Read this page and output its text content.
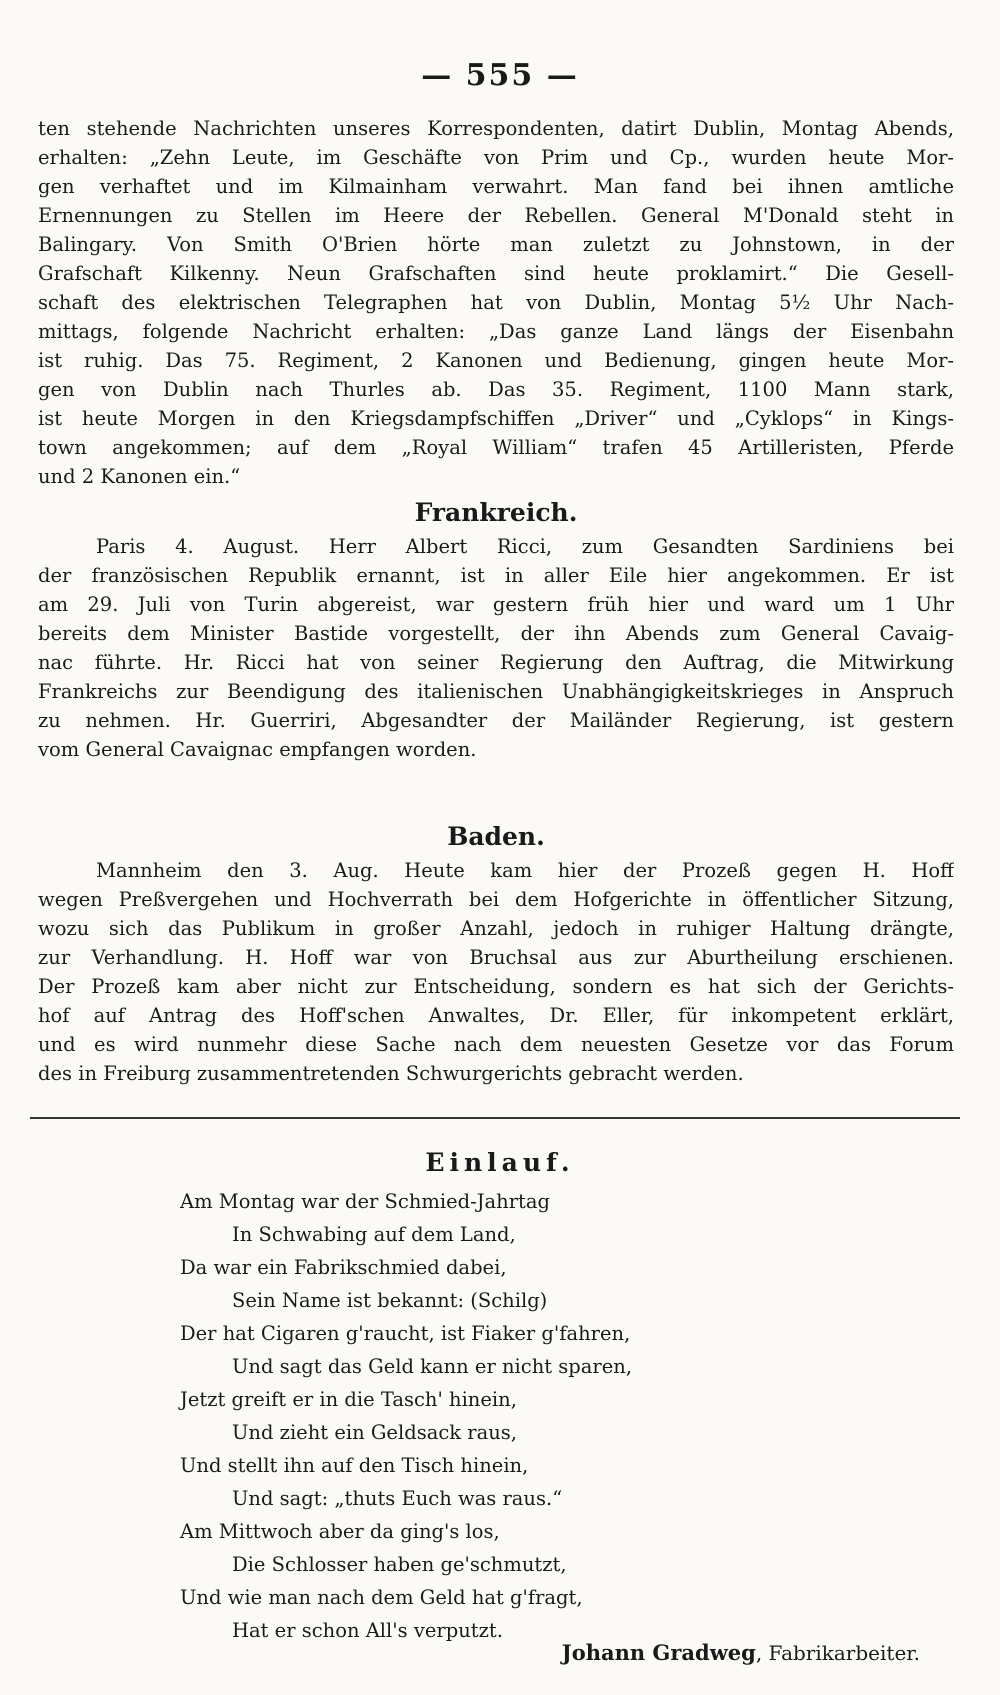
— 555 —
ten stehende Nachrichten unseres Korrespondenten, datirt Dublin, Montag Abends,
erhalten: „Zehn Leute, im Geschäfte von Prim und Cp., wurden heute Mor-
gen verhaftet und im Kilmainham verwahrt. Man fand bei ihnen amtliche
Ernennungen zu Stellen im Heere der Rebellen. General M'Donald steht in
Balingary. Von Smith O'Brien hörte man zuletzt zu Johnstown, in der
Grafschaft Kilkenny. Neun Grafschaften sind heute proklamirt.“ Die Gesell-
schaft des elektrischen Telegraphen hat von Dublin, Montag 5½ Uhr Nach-
mittags, folgende Nachricht erhalten: „Das ganze Land längs der Eisenbahn
ist ruhig. Das 75. Regiment, 2 Kanonen und Bedienung, gingen heute Mor-
gen von Dublin nach Thurles ab. Das 35. Regiment, 1100 Mann stark,
ist heute Morgen in den Kriegsdampfschiffen „Driver“ und „Cyklops“ in Kings-
town angekommen; auf dem „Royal William“ trafen 45 Artilleristen, Pferde
und 2 Kanonen ein.“
Frankreich.
Paris 4. August. Herr Albert Ricci, zum Gesandten Sardiniens bei
der französischen Republik ernannt, ist in aller Eile hier angekommen. Er ist
am 29. Juli von Turin abgereist, war gestern früh hier und ward um 1 Uhr
bereits dem Minister Bastide vorgestellt, der ihn Abends zum General Cavaig-
nac führte. Hr. Ricci hat von seiner Regierung den Auftrag, die Mitwirkung
Frankreichs zur Beendigung des italienischen Unabhängigkeitskrieges in Anspruch
zu nehmen. Hr. Guerriri, Abgesandter der Mailänder Regierung, ist gestern
vom General Cavaignac empfangen worden.
Baden.
Mannheim den 3. Aug. Heute kam hier der Prozeß gegen H. Hoff
wegen Preßvergehen und Hochverrath bei dem Hofgerichte in öffentlicher Sitzung,
wozu sich das Publikum in großer Anzahl, jedoch in ruhiger Haltung drängte,
zur Verhandlung. H. Hoff war von Bruchsal aus zur Aburtheilung erschienen.
Der Prozeß kam aber nicht zur Entscheidung, sondern es hat sich der Gerichts-
hof auf Antrag des Hoff'schen Anwaltes, Dr. Eller, für inkompetent erklärt,
und es wird nunmehr diese Sache nach dem neuesten Gesetze vor das Forum
des in Freiburg zusammentretenden Schwurgerichts gebracht werden.
Einlauf.
Am Montag war der Schmied-Jahrtag
In Schwabing auf dem Land,
Da war ein Fabrikschmied dabei,
Sein Name ist bekannt: (Schilg)
Der hat Cigaren g'raucht, ist Fiaker g'fahren,
Und sagt das Geld kann er nicht sparen,
Jetzt greift er in die Tasch' hinein,
Und zieht ein Geldsack raus,
Und stellt ihn auf den Tisch hinein,
Und sagt: „thuts Euch was raus.“
Am Mittwoch aber da ging's los,
Die Schlosser haben ge'schmutzt,
Und wie man nach dem Geld hat g'fragt,
Hat er schon All's verputzt.
Johann Gradweg, Fabrikarbeiter.
